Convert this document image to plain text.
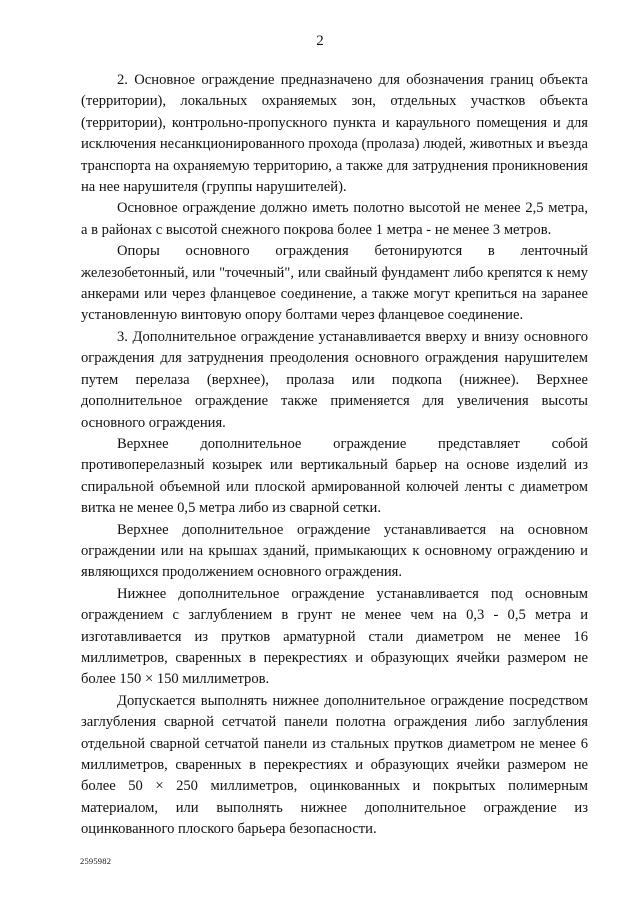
2

2. Основное ограждение предназначено для обозначения границ объекта (территории), локальных охраняемых зон, отдельных участков объекта (территории), контрольно-пропускного пункта и караульного помещения и для исключения несанкционированного прохода (пролаза) людей, животных и въезда транспорта на охраняемую территорию, а также для затруднения проникновения на нее нарушителя (группы нарушителей).

Основное ограждение должно иметь полотно высотой не менее 2,5 метра, а в районах с высотой снежного покрова более 1 метра - не менее 3 метров.

Опоры основного ограждения бетонируются в ленточный железобетонный, или "точечный", или свайный фундамент либо крепятся к нему анкерами или через фланцевое соединение, а также могут крепиться на заранее установленную винтовую опору болтами через фланцевое соединение.

3. Дополнительное ограждение устанавливается вверху и внизу основного ограждения для затруднения преодоления основного ограждения нарушителем путем перелаза (верхнее), пролаза или подкопа (нижнее). Верхнее дополнительное ограждение также применяется для увеличения высоты основного ограждения.

Верхнее дополнительное ограждение представляет собой противоперелазный козырек или вертикальный барьер на основе изделий из спиральной объемной или плоской армированной колючей ленты с диаметром витка не менее 0,5 метра либо из сварной сетки.

Верхнее дополнительное ограждение устанавливается на основном ограждении или на крышах зданий, примыкающих к основному ограждению и являющихся продолжением основного ограждения.

Нижнее дополнительное ограждение устанавливается под основным ограждением с заглублением в грунт не менее чем на 0,3 - 0,5 метра и изготавливается из прутков арматурной стали диаметром не менее 16 миллиметров, сваренных в перекрестиях и образующих ячейки размером не более 150 × 150 миллиметров.

Допускается выполнять нижнее дополнительное ограждение посредством заглубления сварной сетчатой панели полотна ограждения либо заглубления отдельной сварной сетчатой панели из стальных прутков диаметром не менее 6 миллиметров, сваренных в перекрестиях и образующих ячейки размером не более 50 × 250 миллиметров, оцинкованных и покрытых полимерным материалом, или выполнять нижнее дополнительное ограждение из оцинкованного плоского барьера безопасности.

2595982
